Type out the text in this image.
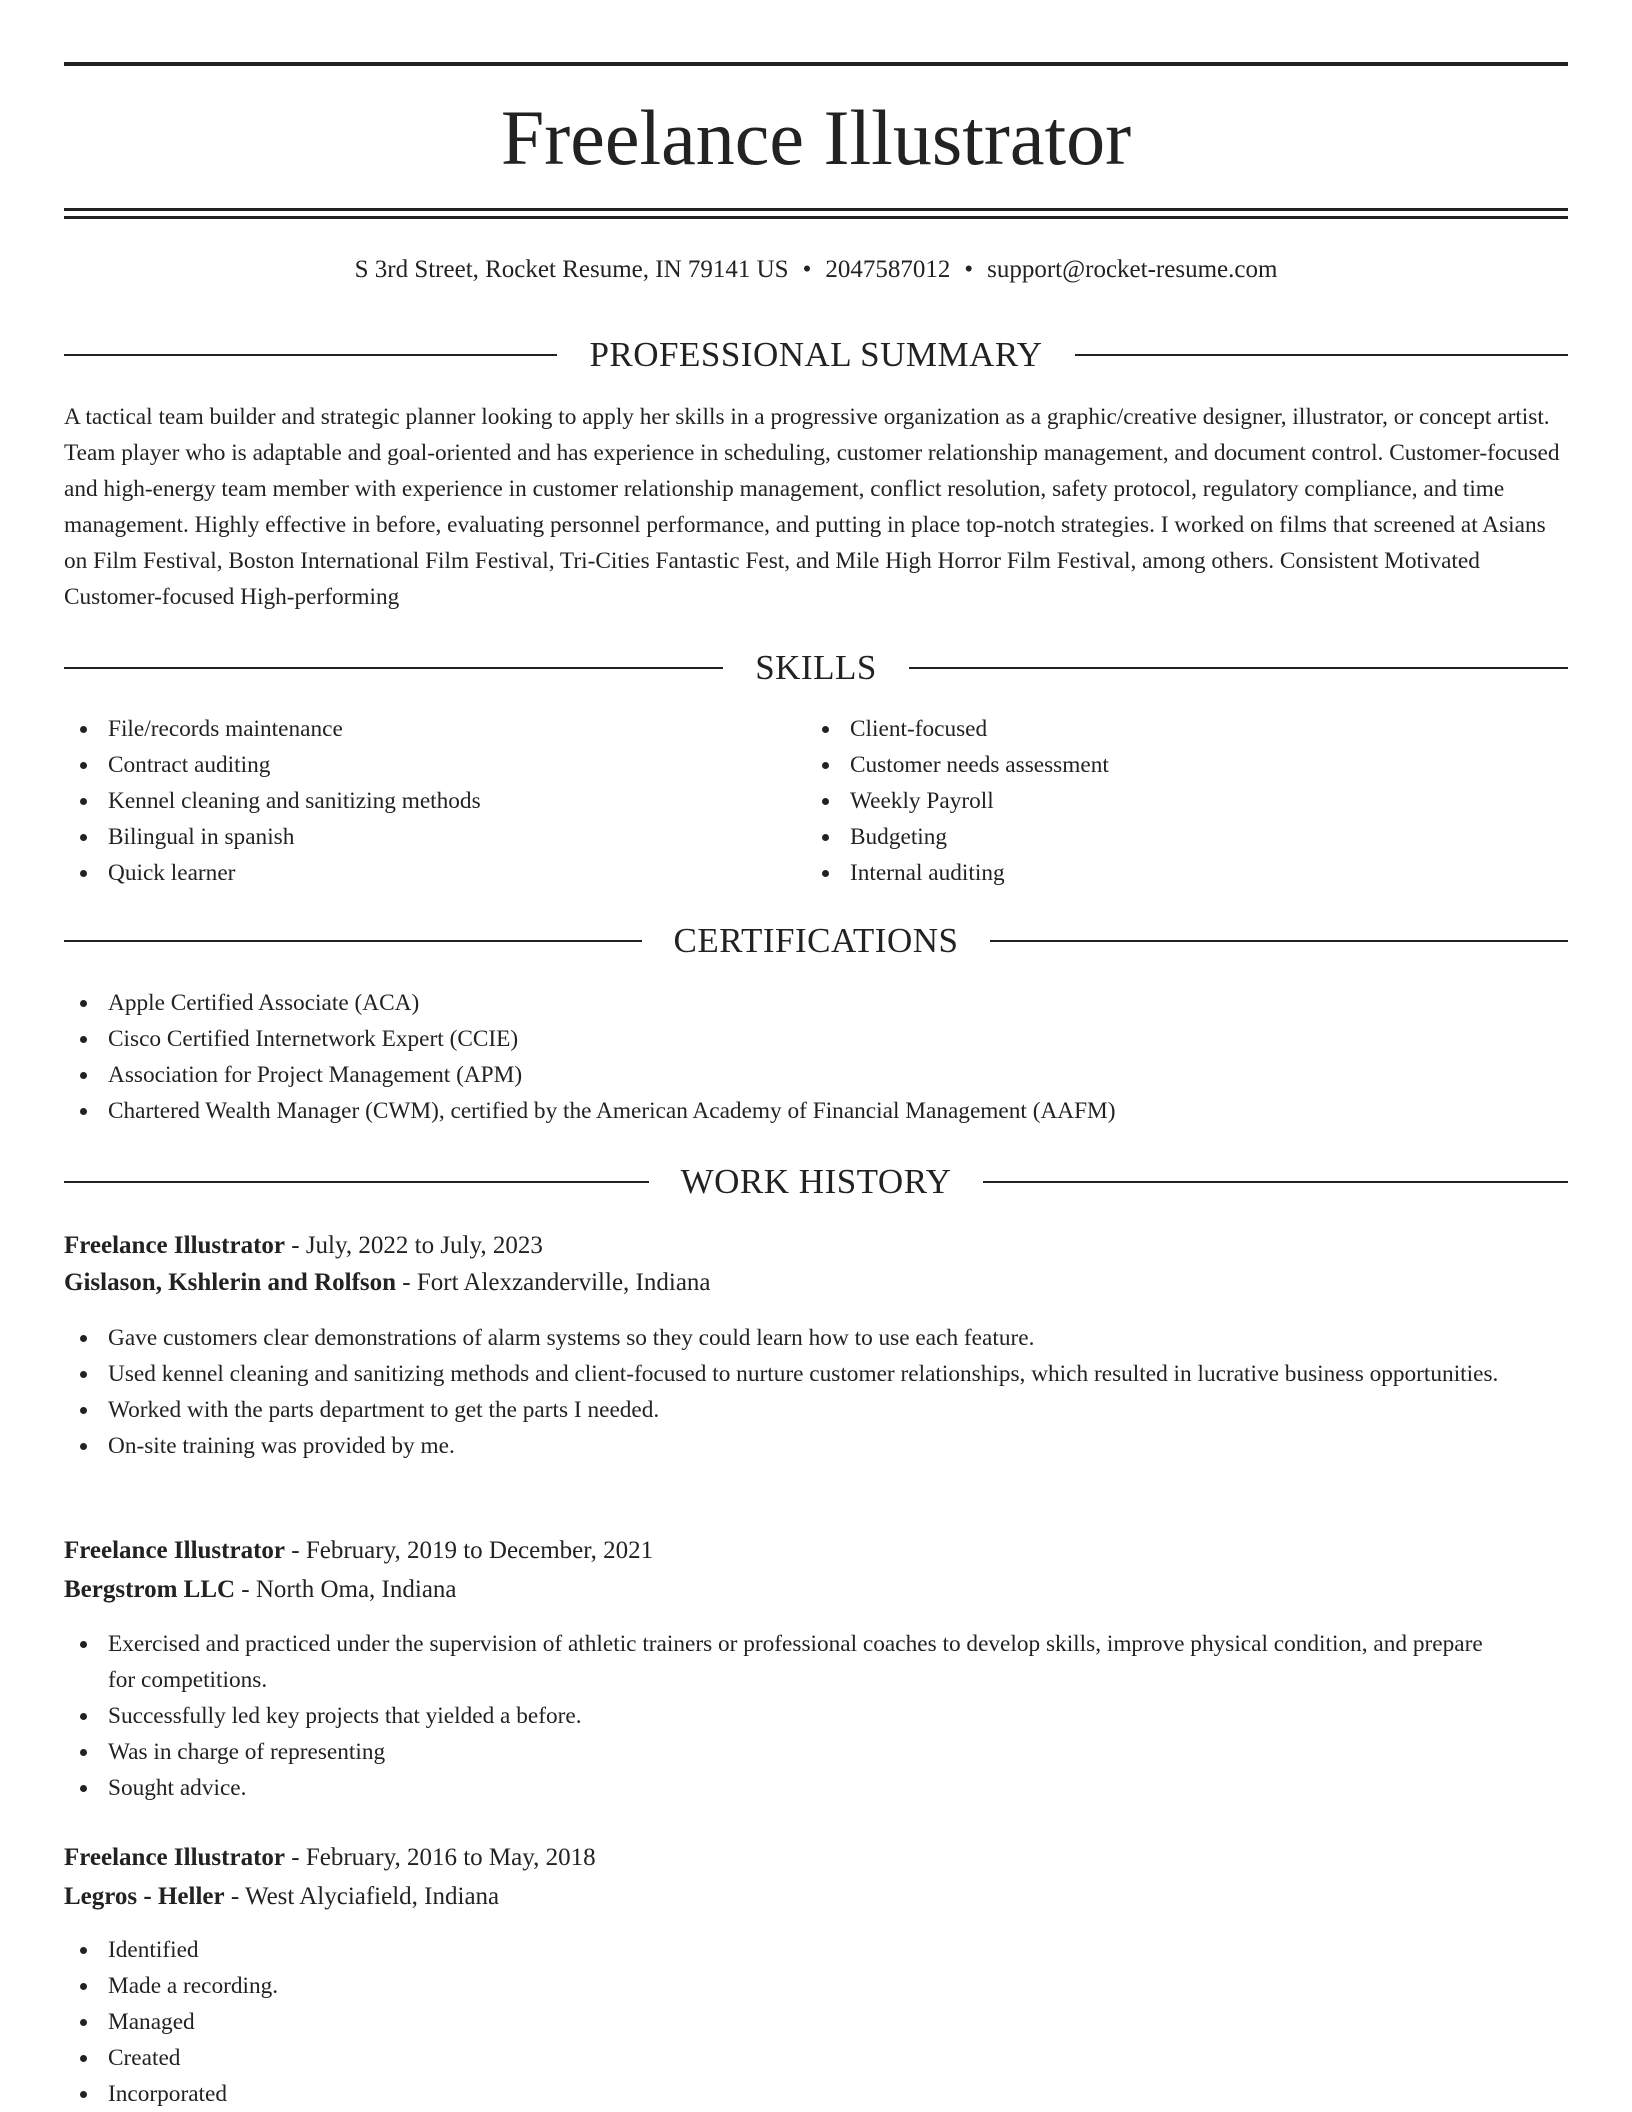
Freelance Illustrator
S 3rd Street, Rocket Resume, IN 79141 US • 2047587012 • support@rocket-resume.com
PROFESSIONAL SUMMARY
A tactical team builder and strategic planner looking to apply her skills in a progressive organization as a graphic/creative designer, illustrator, or concept artist. Team player who is adaptable and goal-oriented and has experience in scheduling, customer relationship management, and document control. Customer-focused and high-energy team member with experience in customer relationship management, conflict resolution, safety protocol, regulatory compliance, and time management. Highly effective in before, evaluating personnel performance, and putting in place top-notch strategies. I worked on films that screened at Asians on Film Festival, Boston International Film Festival, Tri-Cities Fantastic Fest, and Mile High Horror Film Festival, among others. Consistent Motivated Customer-focused High-performing
SKILLS
File/records maintenance
Contract auditing
Kennel cleaning and sanitizing methods
Bilingual in spanish
Quick learner
Client-focused
Customer needs assessment
Weekly Payroll
Budgeting
Internal auditing
CERTIFICATIONS
Apple Certified Associate (ACA)
Cisco Certified Internetwork Expert (CCIE)
Association for Project Management (APM)
Chartered Wealth Manager (CWM), certified by the American Academy of Financial Management (AAFM)
WORK HISTORY
Freelance Illustrator - July, 2022 to July, 2023
Gislason, Kshlerin and Rolfson - Fort Alexzanderville, Indiana
Gave customers clear demonstrations of alarm systems so they could learn how to use each feature.
Used kennel cleaning and sanitizing methods and client-focused to nurture customer relationships, which resulted in lucrative business opportunities.
Worked with the parts department to get the parts I needed.
On-site training was provided by me.
Freelance Illustrator - February, 2019 to December, 2021
Bergstrom LLC - North Oma, Indiana
Exercised and practiced under the supervision of athletic trainers or professional coaches to develop skills, improve physical condition, and prepare for competitions.
Successfully led key projects that yielded a before.
Was in charge of representing
Sought advice.
Freelance Illustrator - February, 2016 to May, 2018
Legros - Heller - West Alyciafield, Indiana
Identified
Made a recording.
Managed
Created
Incorporated
